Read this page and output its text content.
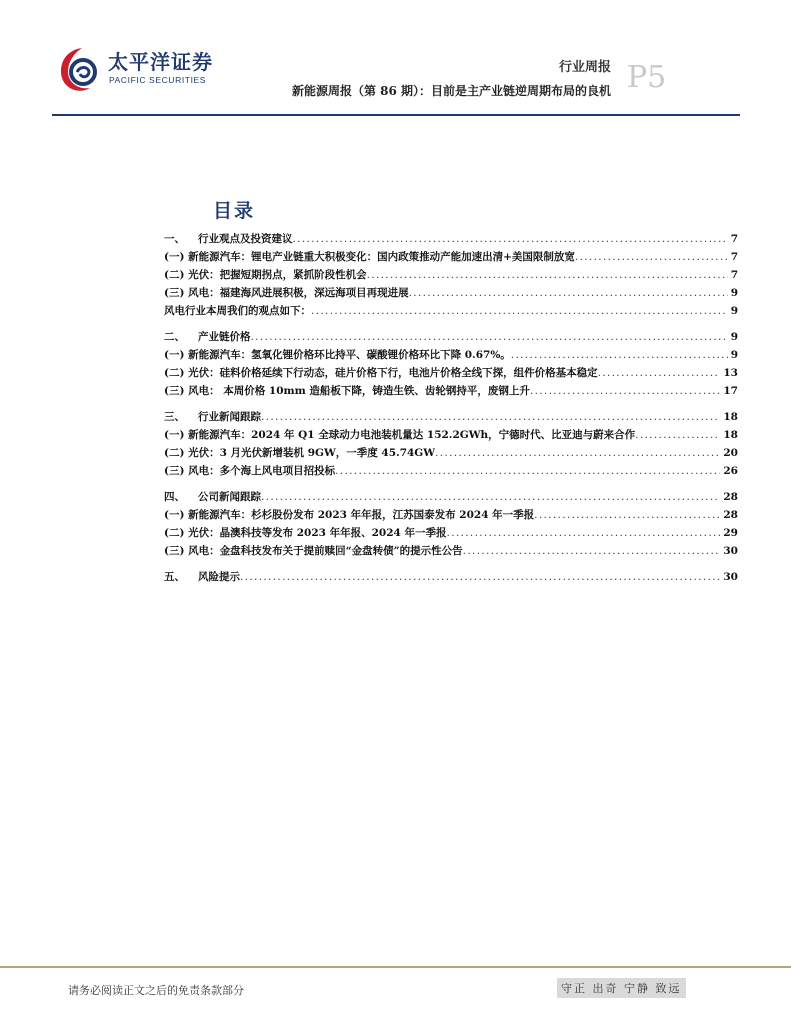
太平洋证券
PACIFIC SECURITIES
行业周报 P5
新能源周报（第 86 期）：目前是主产业链逆周期布局的良机
目录
一、	行业观点及投资建议 . . .	7
(一) 新能源汽车：锂电产业链重大积极变化：国内政策推动产能加速出清+美国限制放宽 . . .	7
(二) 光伏：把握短期拐点，紧抓阶段性机会 . . .	7
(三) 风电：福建海风进展积极，深远海项目再现进展 . . .	9
风电行业本周我们的观点如下： . . .	9
二、	产业链价格 . . .	9
(一) 新能源汽车：氢氧化锂价格环比持平、碳酸锂价格环比下降 0.67%。 . . .	9
(二) 光伏：硅料价格延续下行动态，硅片价格下行，电池片价格全线下探，组件价格基本稳定 . . .	13
(三) 风电： 本周价格 10mm 造船板下降，铸造生铁、齿轮钢持平，废钢上升 . . .	17
三、	行业新闻跟踪 . . .	18
(一) 新能源汽车：2024 年 Q1 全球动力电池装机量达 152.2GWh，宁德时代、比亚迪与蔚来合作 . . .	18
(二) 光伏：3 月光伏新增装机 9GW，一季度 45.74GW . . .	20
(三) 风电：多个海上风电项目招投标 . . .	26
四、	公司新闻跟踪 . . .	28
(一) 新能源汽车：杉杉股份发布 2023 年年报，江苏国泰发布 2024 年一季报 . . .	28
(二) 光伏：晶澳科技等发布 2023 年年报、2024 年一季报 . . .	29
(三) 风电：金盘科技发布关于提前赎回“金盘转债”的提示性公告 . . .	30
五、	风险提示 . . .	30
请务必阅读正文之后的免责条款部分	守正 出奇 宁静 致远
